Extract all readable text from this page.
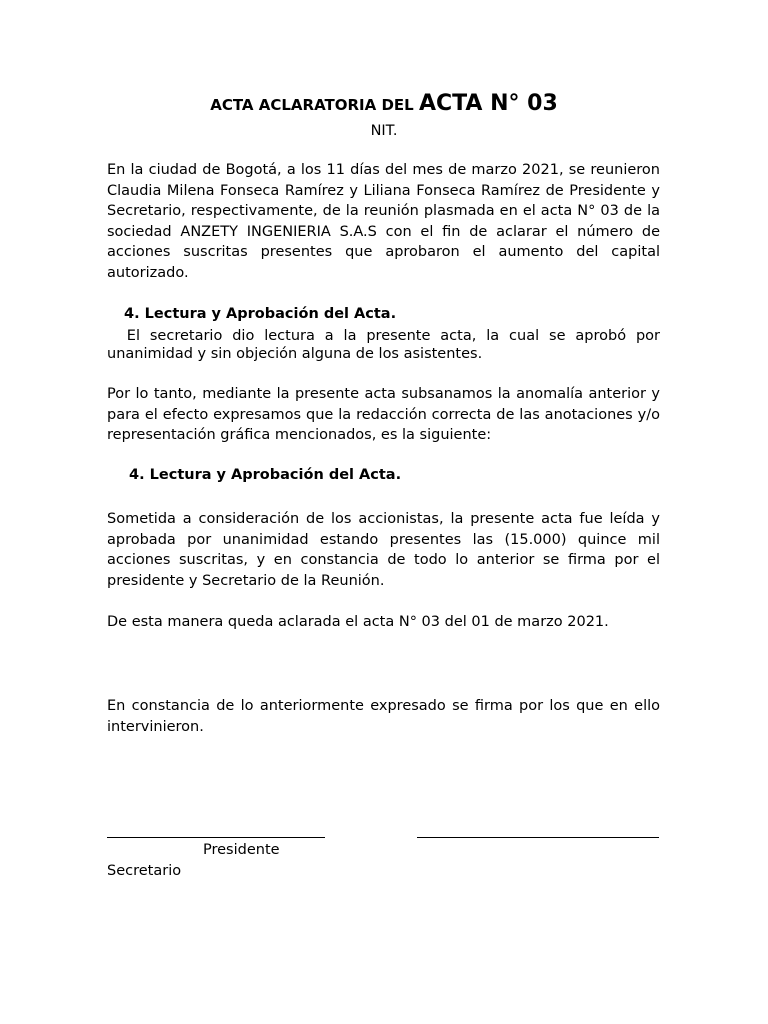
ACTA ACLARATORIA DEL ACTA N° 03
NIT.
En la ciudad de Bogotá, a los 11 días del mes de marzo 2021, se reunieron Claudia Milena Fonseca Ramírez y Liliana Fonseca Ramírez de Presidente y Secretario, respectivamente, de la reunión plasmada en el acta N° 03 de la sociedad ANZETY INGENIERIA S.A.S con el fin de aclarar el número de acciones suscritas presentes que aprobaron el aumento del capital autorizado.
4. Lectura y Aprobación del Acta.
El secretario dio lectura a la presente acta, la cual se aprobó por unanimidad y sin objeción alguna de los asistentes.
Por lo tanto, mediante la presente acta subsanamos la anomalía anterior y para el efecto expresamos que la redacción correcta de las anotaciones y/o representación gráfica mencionados, es la siguiente:
4. Lectura y Aprobación del Acta.
Sometida a consideración de los accionistas, la presente acta fue leída y aprobada por unanimidad estando presentes las (15.000) quince mil acciones suscritas, y en constancia de todo lo anterior se firma por el presidente y Secretario de la Reunión.
De esta manera queda aclarada el acta N° 03 del 01 de marzo 2021.
En constancia de lo anteriormente expresado se firma por los que en ello intervinieron.
Presidente
Secretario
